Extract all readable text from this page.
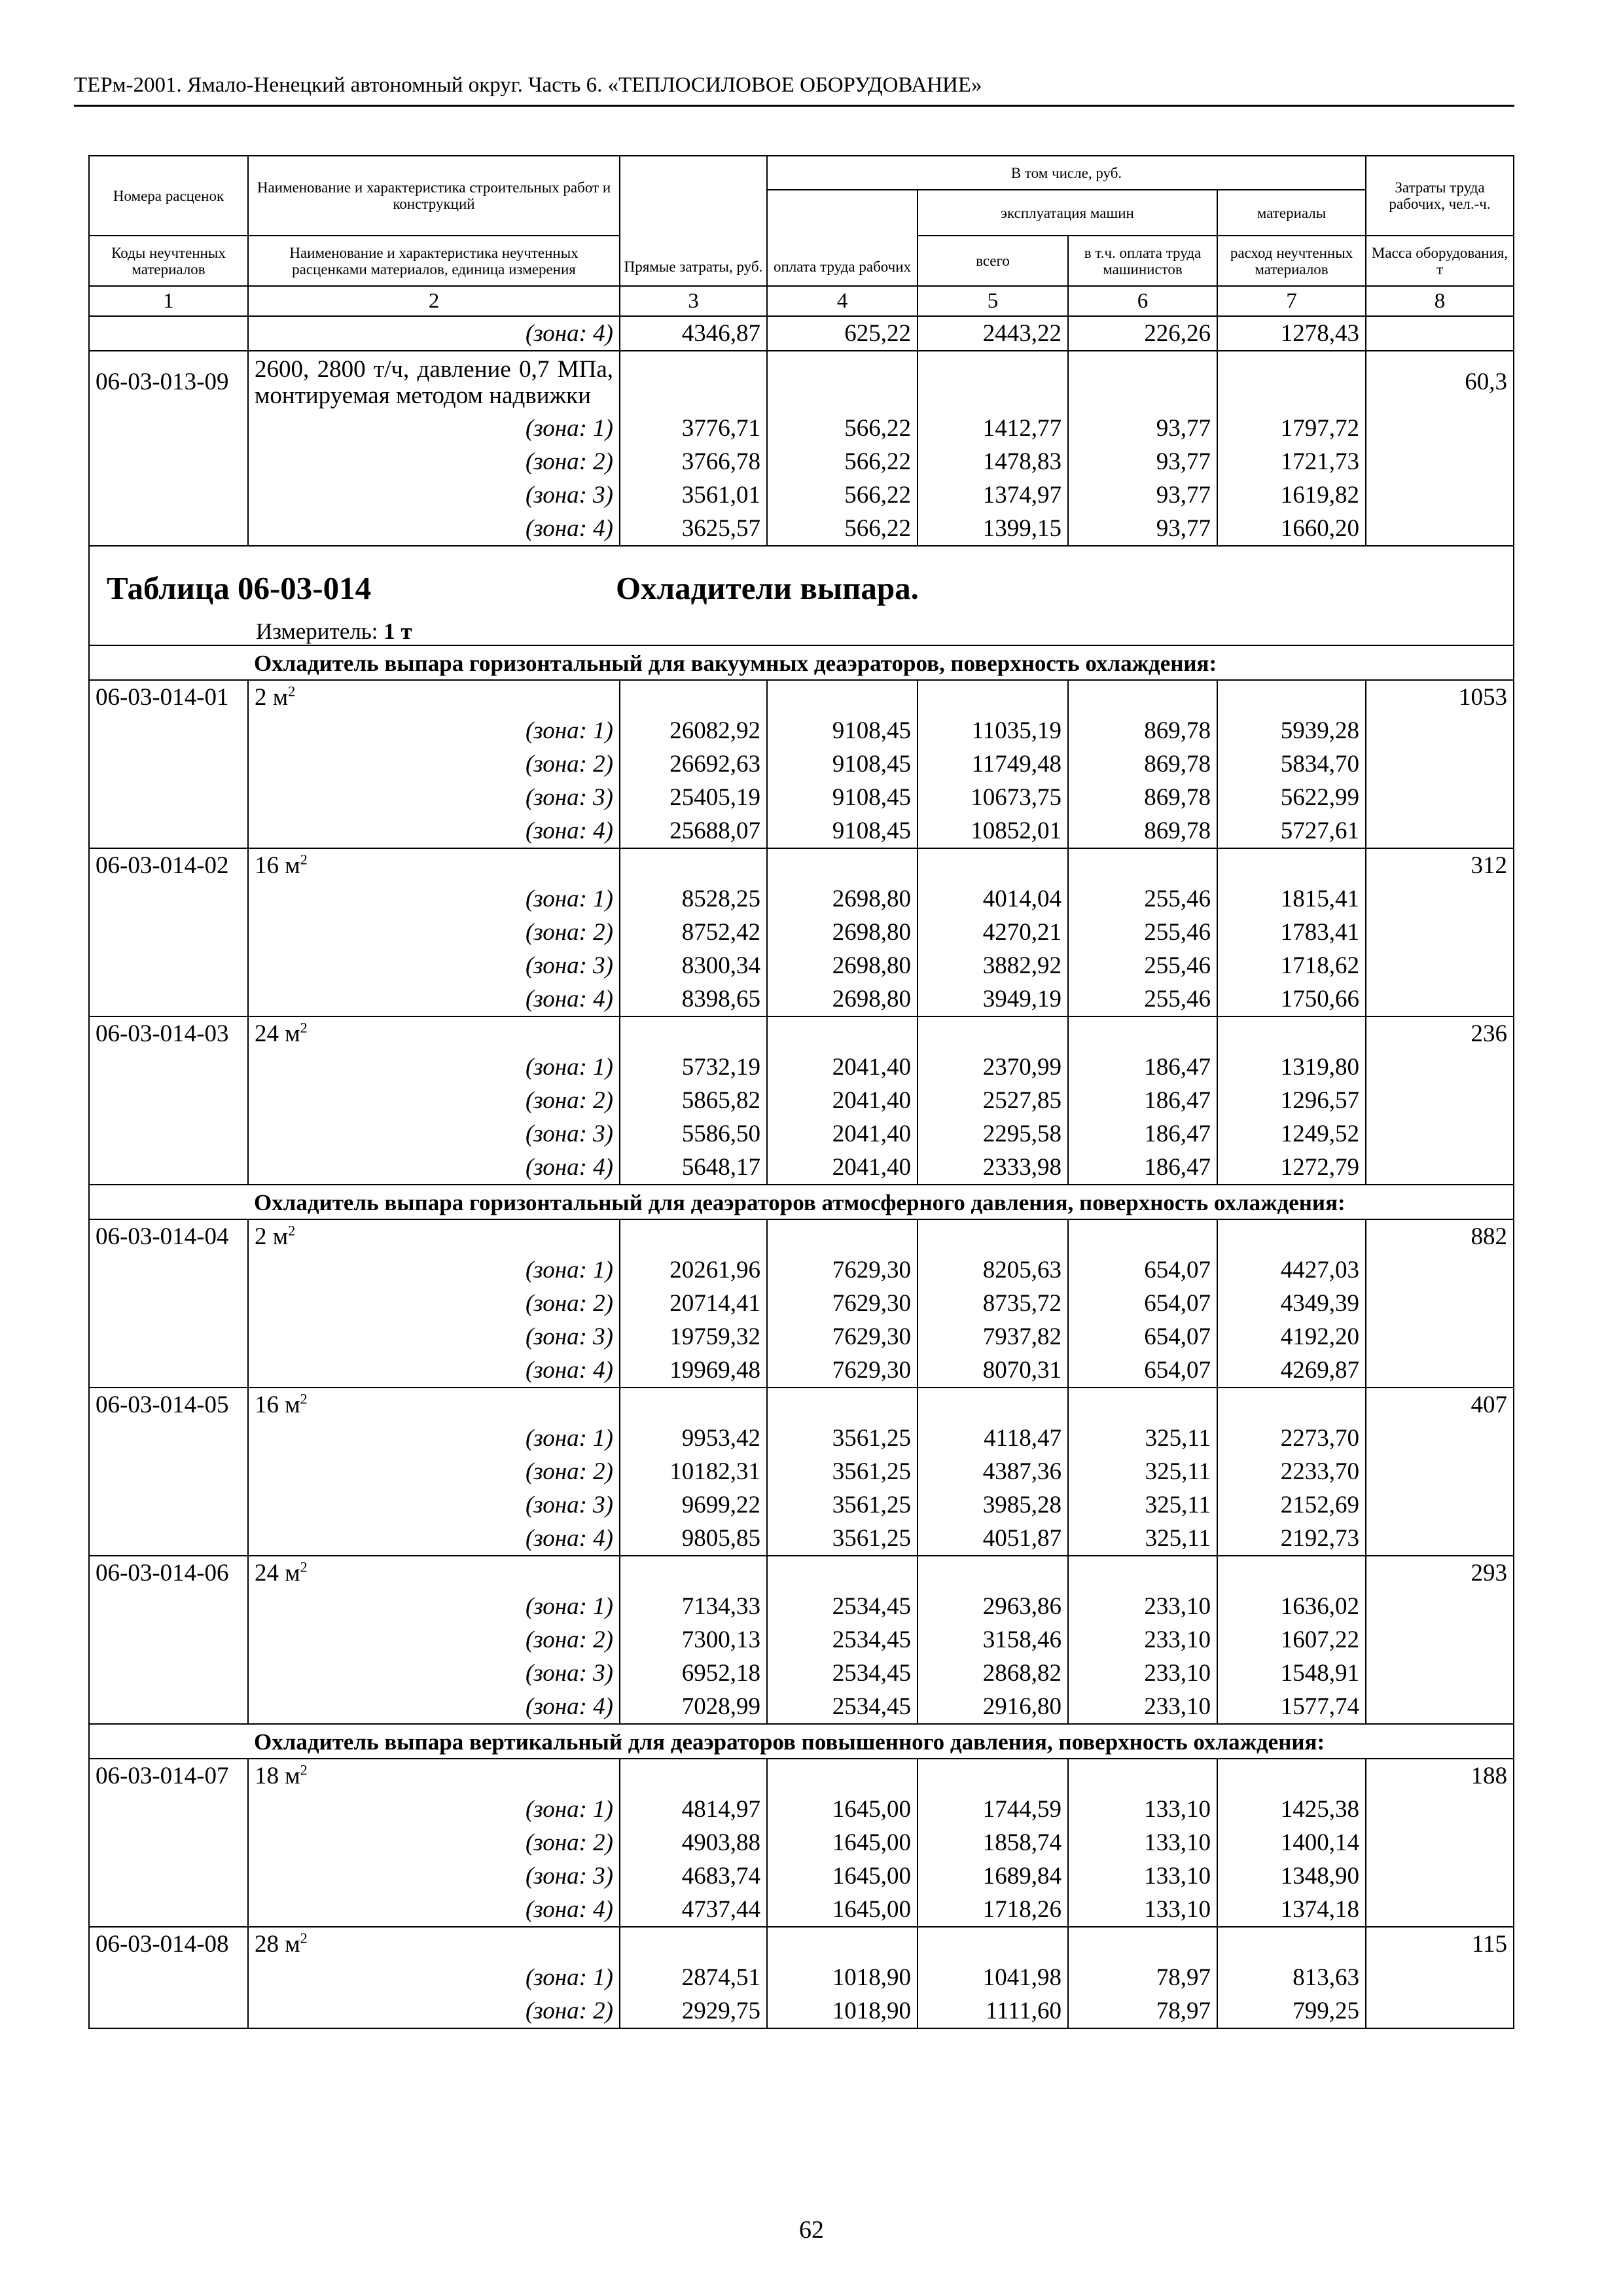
ТЕРм-2001. Ямало-Ненецкий автономный округ. Часть 6. «ТЕПЛОСИЛОВОЕ ОБОРУДОВАНИЕ»
Номера расценок	Наименование и характеристика строительных работ и конструкций	Прямые затраты, руб.	В том числе, руб.				Затраты труда рабочих, чел.-ч.
			оплата труда рабочих	эксплуатация машин		материалы	
Коды неучтенных материалов	Наименование и характеристика неучтенных расценками материалов, единица измерения			всего	в т.ч. оплата труда машинистов	расход неучтенных материалов	Масса оборудования, т

1	2	3	4	5	6	7	8
	(зона: 4)	4346,87	625,22	2443,22	226,26	1278,43	
06-03-013-09	2600, 2800 т/ч, давление 0,7 МПа, монтируемая методом надвижки						60,3
	(зона: 1)	3776,71	566,22	1412,77	93,77	1797,72	
	(зона: 2)	3766,78	566,22	1478,83	93,77	1721,73	
	(зона: 3)	3561,01	566,22	1374,97	93,77	1619,82	
	(зона: 4)	3625,57	566,22	1399,15	93,77	1660,20	

Таблица 06-03-014 Охладители выпара.
Измеритель: 1 т							

	Охладитель выпара горизонтальный для вакуумных деаэраторов, поверхность охлаждения:						
06-03-014-01	2 $м^2$						1053
	(зона: 1)	26082,92	9108,45	11035,19	869,78	5939,28	
	(зона: 2)	26692,63	9108,45	11749,48	869,78	5834,70	
	(зона: 3)	25405,19	9108,45	10673,75	869,78	5622,99	
	(зона: 4)	25688,07	9108,45	10852,01	869,78	5727,61	
06-03-014-02	16 $м^2$						312
	(зона: 1)	8528,25	2698,80	4014,04	255,46	1815,41	
	(зона: 2)	8752,42	2698,80	4270,21	255,46	1783,41	
	(зона: 3)	8300,34	2698,80	3882,92	255,46	1718,62	
	(зона: 4)	8398,65	2698,80	3949,19	255,46	1750,66	
06-03-014-03	24 $м^2$						236
	(зона: 1)	5732,19	2041,40	2370,99	186,47	1319,80	
	(зона: 2)	5865,82	2041,40	2527,85	186,47	1296,57	
	(зона: 3)	5586,50	2041,40	2295,58	186,47	1249,52	
	(зона: 4)	5648,17	2041,40	2333,98	186,47	1272,79	
	Охладитель выпара горизонтальный для деаэраторов атмосферного давления, поверхность охлаждения:						
06-03-014-04	2 $м^2$						882
	(зона: 1)	20261,96	7629,30	8205,63	654,07	4427,03	
	(зона: 2)	20714,41	7629,30	8735,72	654,07	4349,39	
	(зона: 3)	19759,32	7629,30	7937,82	654,07	4192,20	
	(зона: 4)	19969,48	7629,30	8070,31	654,07	4269,87	
06-03-014-05	16 $м^2$						407
	(зона: 1)	9953,42	3561,25	4118,47	325,11	2273,70	
	(зона: 2)	10182,31	3561,25	4387,36	325,11	2233,70	
	(зона: 3)	9699,22	3561,25	3985,28	325,11	2152,69	
	(зона: 4)	9805,85	3561,25	4051,87	325,11	2192,73	
06-03-014-06	24 $м^2$						293
	(зона: 1)	7134,33	2534,45	2963,86	233,10	1636,02	
	(зона: 2)	7300,13	2534,45	3158,46	233,10	1607,22	
	(зона: 3)	6952,18	2534,45	2868,82	233,10	1548,91	
	(зона: 4)	7028,99	2534,45	2916,80	233,10	1577,74	
	Охладитель выпара вертикальный для деаэраторов повышенного давления, поверхность охлаждения:						
06-03-014-07	18 $м^2$						188
	(зона: 1)	4814,97	1645,00	1744,59	133,10	1425,38	
	(зона: 2)	4903,88	1645,00	1858,74	133,10	1400,14	
	(зона: 3)	4683,74	1645,00	1689,84	133,10	1348,90	
	(зона: 4)	4737,44	1645,00	1718,26	133,10	1374,18	
06-03-014-08	28 $м^2$						115
	(зона: 1)	2874,51	1018,90	1041,98	78,97	813,63	
	(зона: 2)	2929,75	1018,90	1111,60	78,97	799,25	
62
